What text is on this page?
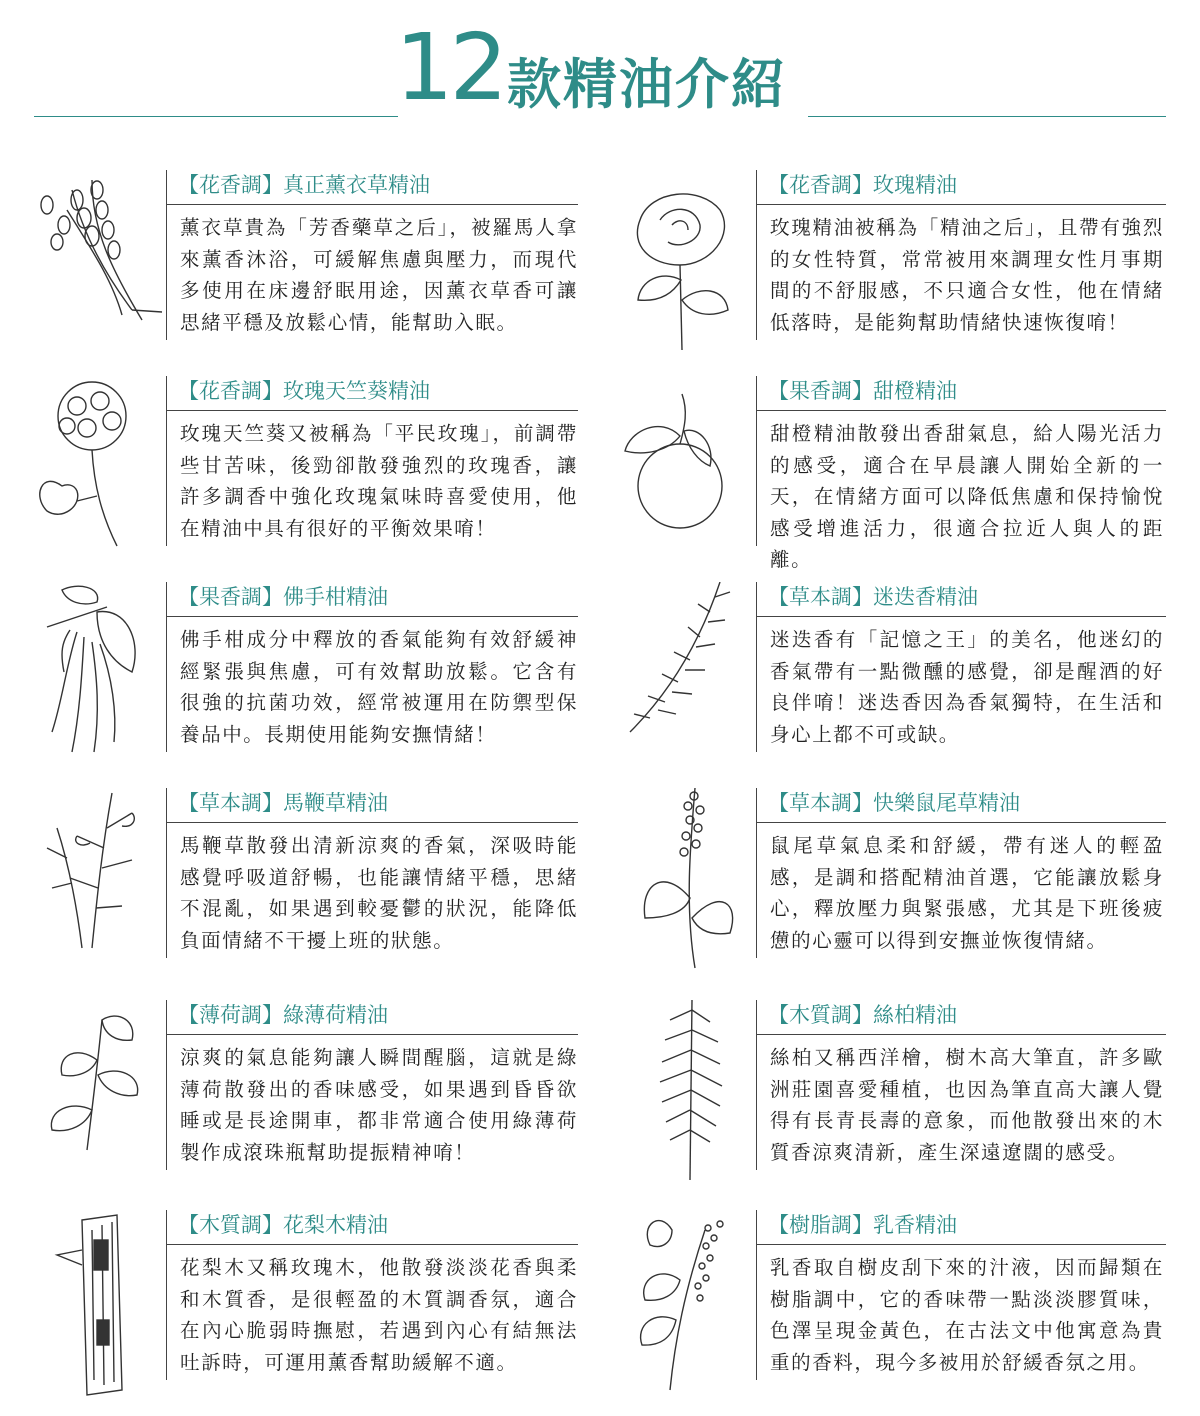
12 款精油介紹
【花香調】真正薰衣草精油
薰衣草貴為「芳香藥草之后」，被羅馬人拿來薰香沐浴，可緩解焦慮與壓力，而現代多使用在床邊舒眠用途，因薰衣草香可讓思緒平穩及放鬆心情，能幫助入眠。
【花香調】玫瑰精油
玫瑰精油被稱為「精油之后」，且帶有強烈的女性特質，常常被用來調理女性月事期間的不舒服感，不只適合女性，他在情緒低落時，是能夠幫助情緒快速恢復唷！
【花香調】玫瑰天竺葵精油
玫瑰天竺葵又被稱為「平民玫瑰」，前調帶些甘苦味，後勁卻散發強烈的玫瑰香，讓許多調香中強化玫瑰氣味時喜愛使用，他在精油中具有很好的平衡效果唷！
【果香調】甜橙精油
甜橙精油散發出香甜氣息，給人陽光活力的感受，適合在早晨讓人開始全新的一天，在情緒方面可以降低焦慮和保持愉悅感受增進活力，很適合拉近人與人的距離。
【果香調】佛手柑精油
佛手柑成分中釋放的香氣能夠有效舒緩神經緊張與焦慮，可有效幫助放鬆。它含有很強的抗菌功效，經常被運用在防禦型保養品中。長期使用能夠安撫情緒！
【草本調】迷迭香精油
迷迭香有「記憶之王」的美名，他迷幻的香氣帶有一點微醺的感覺，卻是醒酒的好良伴唷！迷迭香因為香氣獨特，在生活和身心上都不可或缺。
【草本調】馬鞭草精油
馬鞭草散發出清新涼爽的香氣，深吸時能感覺呼吸道舒暢，也能讓情緒平穩，思緒不混亂，如果遇到較憂鬱的狀況，能降低負面情緒不干擾上班的狀態。
【草本調】快樂鼠尾草精油
鼠尾草氣息柔和舒緩，帶有迷人的輕盈感，是調和搭配精油首選，它能讓放鬆身心，釋放壓力與緊張感，尤其是下班後疲憊的心靈可以得到安撫並恢復情緒。
【薄荷調】綠薄荷精油
涼爽的氣息能夠讓人瞬間醒腦，這就是綠薄荷散發出的香味感受，如果遇到昏昏欲睡或是長途開車，都非常適合使用綠薄荷製作成滾珠瓶幫助提振精神唷！
【木質調】絲柏精油
絲柏又稱西洋檜，樹木高大筆直，許多歐洲莊園喜愛種植，也因為筆直高大讓人覺得有長青長壽的意象，而他散發出來的木質香涼爽清新，產生深遠遼闊的感受。
【木質調】花梨木精油
花梨木又稱玫瑰木，他散發淡淡花香與柔和木質香，是很輕盈的木質調香氛，適合在內心脆弱時撫慰，若遇到內心有結無法吐訴時，可運用薰香幫助緩解不適。
【樹脂調】乳香精油
乳香取自樹皮刮下來的汁液，因而歸類在樹脂調中，它的香味帶一點淡淡膠質味，色澤呈現金黃色，在古法文中他寓意為貴重的香料，現今多被用於舒緩香氛之用。
